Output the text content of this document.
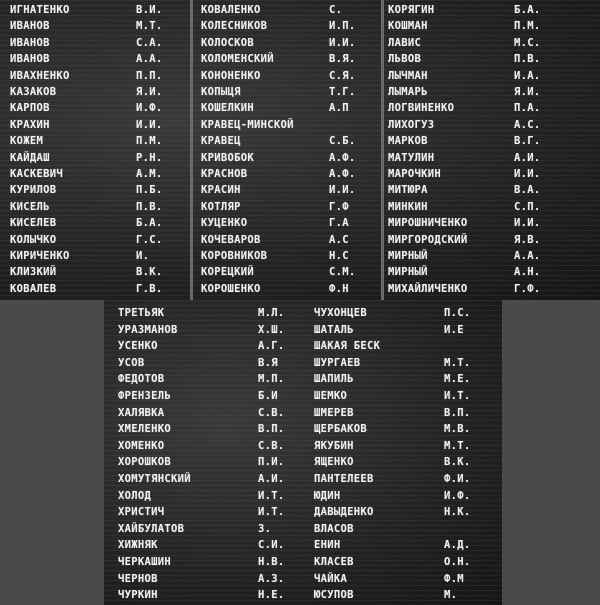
ИГНАТЕНКО	В.И.
ИВАНОВ	М.Т.
ИВАНОВ	С.А.
ИВАНОВ	А.А.
ИВАХНЕНКО	П.П.
КАЗАКОВ	Я.И.
КАРПОВ	И.Ф.
КРАХИН	И.И.
КОЖЕМ	П.М.
КАЙДАШ	Р.Н.
КАСКЕВИЧ	А.М.
КУРИЛОВ	П.Б.
КИСЕЛЬ	П.В.
КИСЕЛЕВ	Б.А.
КОЛЫЧКО	Г.С.
КИРИЧЕНКО	И.
КЛИЗКИЙ	В.К.
КОВАЛЕВ	Г.В.
КОВАЛЕНКО	С.
КОЛЕСНИКОВ	И.П.
КОЛОСКОВ	И.И.
КОЛОМЕНСКИЙ	В.Я.
КОНОНЕНКО	С.Я.
КОПЫЦЯ	Т.Г.
КОШЕЛКИН	А.П
КРАВЕЦ-МИНСКОЙ
КРАВЕЦ	С.Б.
КРИВОБОК	А.Ф.
КРАСНОВ	А.Ф.
КРАСИН	И.И.
КОТЛЯР	Г.Ф
КУЦЕНКО	Г.А
КОЧЕВАРОВ	А.С
КОРОВНИКОВ	Н.С
КОРЕЦКИЙ	С.М.
КОРОШЕНКО	Ф.Н
КОРЯГИН	Б.А.
КОШМАН	П.М.
ЛАВИС	М.С.
ЛЬВОВ	П.В.
ЛЫЧМАН	И.А.
ЛЫМАРЬ	Я.И.
ЛОГВИНЕНКО	П.А.
ЛИХОГУЗ	А.С.
МАРКОВ	В.Г.
МАТУЛИН	А.И.
МАРОЧКИН	И.И.
МИТЮРА	В.А.
МИНКИН	С.П.
МИРОШНИЧЕНКО	И.И.
МИРГОРОДСКИЙ	Я.В.
МИРНЫЙ	А.А.
МИРНЫЙ	А.Н.
МИХАЙЛИЧЕНКО	Г.Ф.
ТРЕТЬЯК	М.Л.
УРАЗМАНОВ	Х.Ш.
УСЕНКО	А.Г.
УСОВ	В.Я
ФЕДОТОВ	М.П.
ФРЕНЗЕЛЬ	Б.И
ХАЛЯВКА	С.В.
ХМЕЛЕНКО	В.П.
ХОМЕНКО	С.В.
ХОРОШКОВ	П.И.
ХОМУТЯНСКИЙ	А.И.
ХОЛОД	И.Т.
ХРИСТИЧ	И.Т.
ХАЙБУЛАТОВ	З.
ХИЖНЯК	С.И.
ЧЕРКАШИН	Н.В.
ЧЕРНОВ	А.З.
ЧУРКИН	Н.Е.
ЧУХОНЦЕВ	П.С.
ШАТАЛЬ	И.Е
ШАКАЯ БЕСК
ШУРГАЕВ	М.Т.
ШАПИЛЬ	М.Е.
ШЕМКО	И.Т.
ШМЕРЕВ	В.П.
ЩЕРБАКОВ	М.В.
ЯКУБИН	М.Т.
ЯЩЕНКО	В.К.
ПАНТЕЛЕЕВ	Ф.И.
ЮДИН	И.Ф.
ДАВЫДЕНКО	Н.К.
ВЛАСОВ
ЕНИН	А.Д.
КЛАСЕВ	О.Н.
ЧАЙКА	Ф.М
ЮСУПОВ	М.
